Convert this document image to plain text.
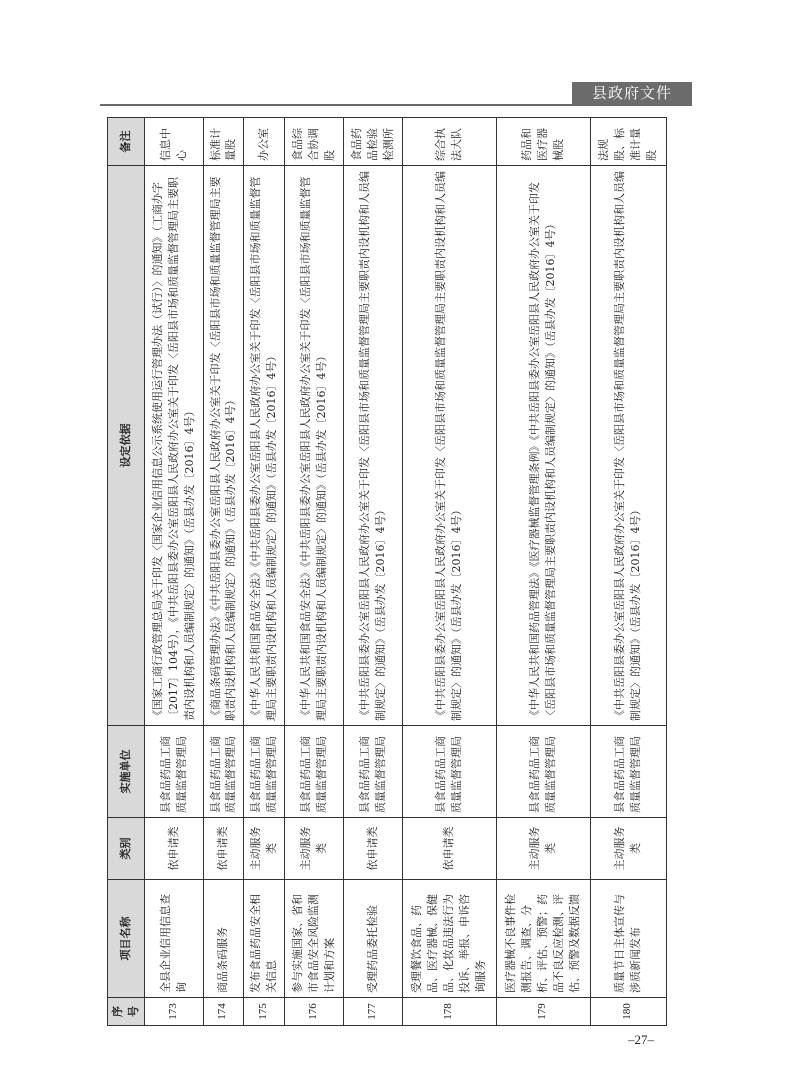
县政府文件
序号	项目名称	类别	实施单位	设定依据	备注
173	全县企业信用信息查询	依申请类	县食品药品工商质量监督管理局	《国家工商行政管理总局关于印发〈国家企业信用信息公示系统使用运行管理办法（试行）〉的通知》（工商办字〔2017〕104号），《中共岳阳县委办公室岳阳县人民政府办公室关于印发〈岳阳县市场和质量监督管理局主要职责内设机构和人员编制规定〉的通知》（岳县办发〔2016〕4号）	信息中心
174	商品条码服务	依申请类	县食品药品工商质量监督管理局	《商品条码管理办法》《中共岳阳县委办公室岳阳县人民政府办公室关于印发〈岳阳县市场和质量监督管理局主要职责内设机构和人员编制规定〉的通知》（岳县办发〔2016〕4号）	标准计量股
175	发布食品药品安全相关信息	主动服务类	县食品药品工商质量监督管理局	《中华人民共和国食品安全法》《中共岳阳县委办公室岳阳县人民政府办公室关于印发〈岳阳县市场和质量监督管理局主要职责内设机构和人员编制规定〉的通知》（岳县办发〔2016〕4号）	办公室
176	参与实施国家、省和市食品安全风险监测计划和方案	主动服务类	县食品药品工商质量监督管理局	《中华人民共和国食品安全法》《中共岳阳县委办公室岳阳县人民政府办公室关于印发〈岳阳县市场和质量监督管理局主要职责内设机构和人员编制规定〉的通知》（岳县办发〔2016〕4号）	食品综合协调股
177	受理药品委托检验	依申请类	县食品药品工商质量监督管理局	《中共岳阳县委办公室岳阳县人民政府办公室关于印发〈岳阳县市场和质量监督管理局主要职责内设机构和人员编制规定〉的通知》（岳县办发〔2016〕4号）	食品药品检验检测所
178	受理餐饮食品、药品、医疗器械、保健品、化妆品违法行为投诉、举报、申诉咨询服务	依申请类	县食品药品工商质量监督管理局	《中共岳阳县委办公室岳阳县人民政府办公室关于印发〈岳阳县市场和质量监督管理局主要职责内设机构和人员编制规定〉的通知》（岳县办发〔2016〕4号）	综合执法大队
179	医疗器械不良事件检测报告、调查、分析、评估、预警；药品不良反应检测、评估、预警及数据反馈	主动服务类	县食品药品工商质量监督管理局	《中华人民共和国药品管理法》《医疗器械监督管理条例》《中共岳阳县委办公室岳阳县人民政府办公室关于印发〈岳阳县市场和质量监督管理局主要职责内设机构和人员编制规定〉的通知》（岳县办发〔2016〕4号）	药品和医疗器械股
180	质量节日主体宣传与涉质新闻发布	主动服务类	县食品药品工商质量监督管理局	《中共岳阳县委办公室岳阳县人民政府办公室关于印发〈岳阳县市场和质量监督管理局主要职责内设机构和人员编制规定〉的通知》（岳县办发〔2016〕4号）	法规股、标准计量股
–27–
